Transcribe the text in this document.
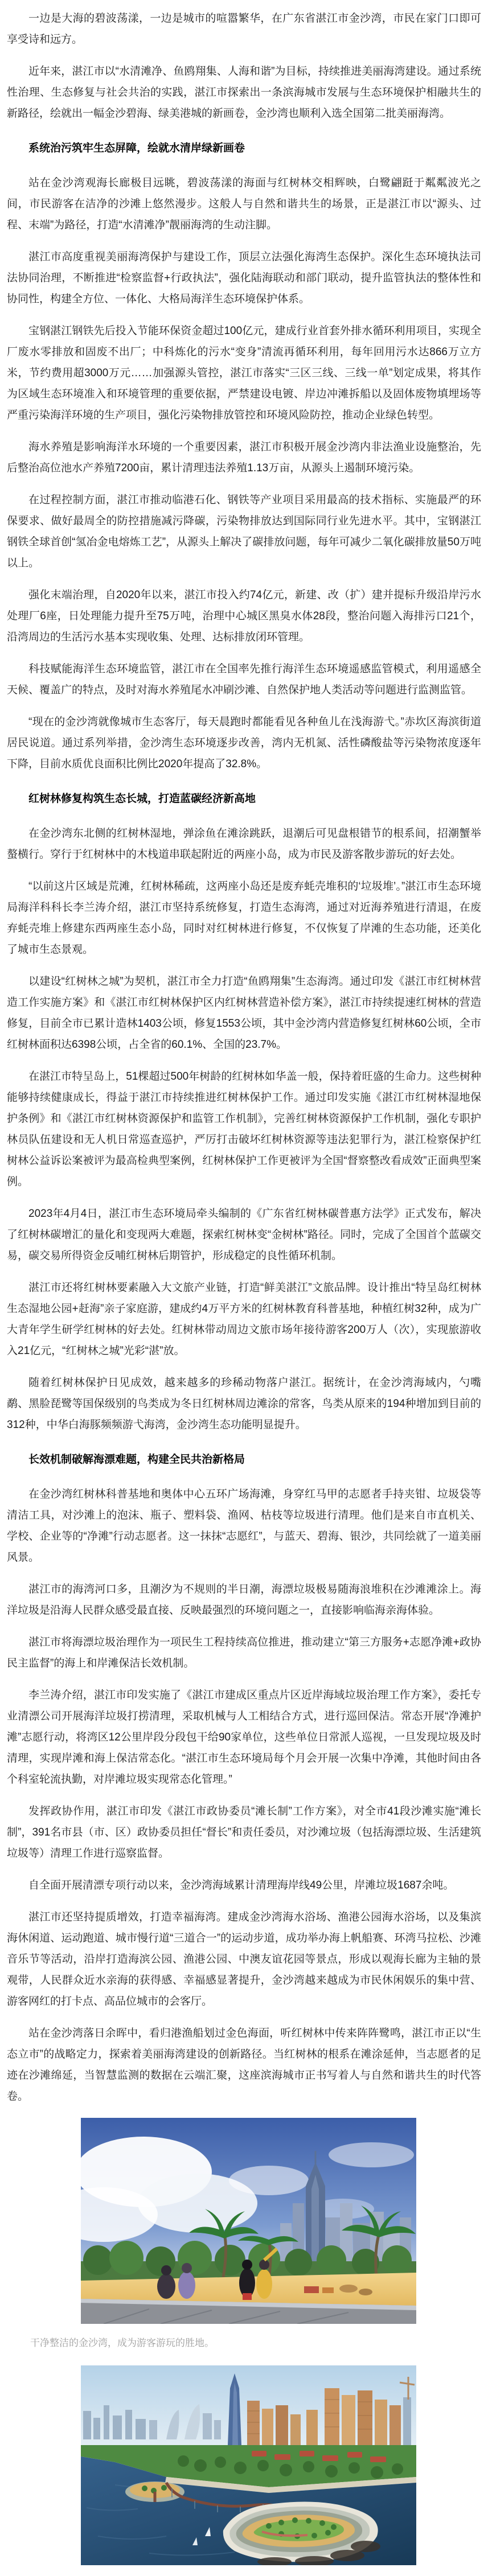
一边是大海的碧波荡漾，一边是城市的喧嚣繁华，在广东省湛江市金沙湾，市民在家门口即可享受诗和远方。

近年来，湛江市以“水清滩净、鱼鸥翔集、人海和谐”为目标，持续推进美丽海湾建设。通过系统性治理、生态修复与社会共治的实践，湛江市探索出一条滨海城市发展与生态环境保护相融共生的新路径，绘就出一幅金沙碧海、绿美港城的新画卷，金沙湾也顺利入选全国第二批美丽海湾。

系统治污筑牢生态屏障，绘就水清岸绿新画卷

站在金沙湾观海长廊极目远眺，碧波荡漾的海面与红树林交相辉映，白鹭翩跹于粼粼波光之间，市民游客在洁净的沙滩上悠然漫步。这般人与自然和谐共生的场景，正是湛江市以“源头、过程、末端”为路径，打造“水清滩净”靓丽海湾的生动注脚。

湛江市高度重视美丽海湾保护与建设工作，顶层立法强化海湾生态保护。深化生态环境执法司法协同治理，不断推进“检察监督+行政执法”，强化陆海联动和部门联动，提升监管执法的整体性和协同性，构建全方位、一体化、大格局海洋生态环境保护体系。

宝钢湛江钢铁先后投入节能环保资金超过100亿元，建成行业首套外排水循环利用项目，实现全厂废水零排放和固废不出厂；中科炼化的污水“变身”清流再循环利用，每年回用污水达866万立方米，节约费用超3000万元……加强源头管控，湛江市落实“三区三线、三线一单”划定成果，将其作为区域生态环境准入和环境管理的重要依据，严禁建设电镀、岸边冲滩拆船以及固体废物填埋场等严重污染海洋环境的生产项目，强化污染物排放管控和环境风险防控，推动企业绿色转型。

海水养殖是影响海洋水环境的一个重要因素，湛江市积极开展金沙湾内非法渔业设施整治，先后整治高位池水产养殖7200亩，累计清理违法养殖1.13万亩，从源头上遏制环境污染。

在过程控制方面，湛江市推动临港石化、钢铁等产业项目采用最高的技术指标、实施最严的环保要求、做好最周全的防控措施减污降碳，污染物排放达到国际同行业先进水平。其中，宝钢湛江钢铁全球首创“氢冶金电熔炼工艺”，从源头上解决了碳排放问题，每年可减少二氧化碳排放量50万吨以上。

强化末端治理，自2020年以来，湛江市投入约74亿元，新建、改（扩）建并提标升级沿岸污水处理厂6座，日处理能力提升至75万吨，治理中心城区黑臭水体28段，整治问题入海排污口21个，沿湾周边的生活污水基本实现收集、处理、达标排放闭环管理。

科技赋能海洋生态环境监管，湛江市在全国率先推行海洋生态环境遥感监管模式，利用遥感全天候、覆盖广的特点，及时对海水养殖尾水冲刷沙滩、自然保护地人类活动等问题进行监测监管。

“现在的金沙湾就像城市生态客厅，每天晨跑时都能看见各种鱼儿在浅海游弋。”赤坎区海滨街道居民说道。通过系列举措，金沙湾生态环境逐步改善，湾内无机氮、活性磷酸盐等污染物浓度逐年下降，目前水质优良面积比例比2020年提高了32.8%。

红树林修复构筑生态长城，打造蓝碳经济新高地

在金沙湾东北侧的红树林湿地，弹涂鱼在滩涂跳跃，退潮后可见盘根错节的根系间，招潮蟹举螯横行。穿行于红树林中的木栈道串联起附近的两座小岛，成为市民及游客散步游玩的好去处。

“以前这片区域是荒滩，红树林稀疏，这两座小岛还是废弃蚝壳堆积的‘垃圾堆’。”湛江市生态环境局海洋科科长李兰涛介绍，湛江市坚持系统修复，打造生态海湾，通过对近海养殖进行清退，在废弃蚝壳堆上修建东西两座生态小岛，同时对红树林进行修复，不仅恢复了岸滩的生态功能，还美化了城市生态景观。

以建设“红树林之城”为契机，湛江市全力打造“鱼鸥翔集”生态海湾。通过印发《湛江市红树林营造工作实施方案》和《湛江市红树林保护区内红树林营造补偿方案》，湛江市持续提速红树林的营造修复，目前全市已累计造林1403公顷，修复1553公顷，其中金沙湾内营造修复红树林60公顷，全市红树林面积达6398公顷，占全省的60.1%、全国的23.7%。

在湛江市特呈岛上，51棵超过500年树龄的红树林如华盖一般，保持着旺盛的生命力。这些树种能够持续健康成长，得益于湛江市持续推进红树林保护工作。通过印发实施《湛江市红树林湿地保护条例》和《湛江市红树林资源保护和监管工作机制》，完善红树林资源保护工作机制，强化专职护林员队伍建设和无人机日常巡查巡护，严厉打击破坏红树林资源等违法犯罪行为，湛江检察保护红树林公益诉讼案被评为最高检典型案例，红树林保护工作更被评为全国“督察整改看成效”正面典型案例。

2023年4月4日，湛江市生态环境局牵头编制的《广东省红树林碳普惠方法学》正式发布，解决了红树林碳增汇的量化和变现两大难题，探索红树林变“金树林”路径。同时，完成了全国首个蓝碳交易，碳交易所得资金反哺红树林后期管护，形成稳定的良性循环机制。

湛江市还将红树林要素融入大文旅产业链，打造“鲜美湛江”文旅品牌。设计推出“特呈岛红树林生态湿地公园+赶海”亲子家庭游，建成约4万平方米的红树林教育科普基地，种植红树32种，成为广大青年学生研学红树林的好去处。红树林带动周边文旅市场年接待游客200万人（次），实现旅游收入21亿元，“红树林之城”光彩“湛”放。

随着红树林保护日见成效，越来越多的珍稀动物落户湛江。据统计，在金沙湾海域内，勺嘴鹬、黑脸琵鹭等国保级别的鸟类成为冬日红树林周边滩涂的常客，鸟类从原来的194种增加到目前的312种，中华白海豚频频游弋海湾，金沙湾生态功能明显提升。

长效机制破解海漂难题，构建全民共治新格局

在金沙湾红树林科普基地和奥体中心五环广场海滩，身穿红马甲的志愿者手持夹钳、垃圾袋等清洁工具，对沙滩上的泡沫、瓶子、塑料袋、渔网、枯枝等垃圾进行清理。他们是来自市直机关、学校、企业等的“净滩”行动志愿者。这一抹抹“志愿红”，与蓝天、碧海、银沙，共同绘就了一道美丽风景。

湛江市的海湾河口多，且潮汐为不规则的半日潮，海漂垃圾极易随海浪堆积在沙滩滩涂上。海洋垃圾是沿海人民群众感受最直接、反映最强烈的环境问题之一，直接影响临海亲海体验。

湛江市将海漂垃圾治理作为一项民生工程持续高位推进，推动建立“第三方服务+志愿净滩+政协民主监督”的海上和岸滩保洁长效机制。

李兰涛介绍，湛江市印发实施了《湛江市建成区重点片区近岸海域垃圾治理工作方案》，委托专业清漂公司开展海洋垃圾打捞清理，采取机械与人工相结合方式，进行巡回保洁。常态开展“净滩护滩”志愿行动，将湾区12公里岸段分段包干给90家单位，这些单位日常派人巡视，一旦发现垃圾及时清理，实现岸滩和海上保洁常态化。“湛江市生态环境局每个月会开展一次集中净滩，其他时间由各个科室轮流执勤，对岸滩垃圾实现常态化管理。”

发挥政协作用，湛江市印发《湛江市政协委员“滩长制”工作方案》，对全市41段沙滩实施“滩长制”，391名市县（市、区）政协委员担任“督长”和责任委员，对沙滩垃圾（包括海漂垃圾、生活建筑垃圾等）清理工作进行巡察监督。

自全面开展清漂专项行动以来，金沙湾海域累计清理海岸线49公里，岸滩垃圾1687余吨。

湛江市还坚持提质增效，打造幸福海湾。建成金沙湾海水浴场、渔港公园海水浴场，以及集滨海休闲道、运动跑道、城市慢行道“三道合一”的运动步道，成功举办海上帆船赛、环湾马拉松、沙滩音乐节等活动，沿岸打造海滨公园、渔港公园、中澳友谊花园等景点，形成以观海长廊为主轴的景观带，人民群众近水亲海的获得感、幸福感显著提升，金沙湾越来越成为市民休闲娱乐的集中营、游客网红的打卡点、高品位城市的会客厅。

站在金沙湾落日余晖中，看归港渔船划过金色海面，听红树林中传来阵阵鹭鸣，湛江市正以“生态立市”的战略定力，探索着美丽海湾建设的创新路径。当红树林的根系在滩涂延伸，当志愿者的足迹在沙滩绵延，当智慧监测的数据在云端汇聚，这座滨海城市正书写着人与自然和谐共生的时代答卷。

干净整洁的金沙湾，成为游客游玩的胜地。
